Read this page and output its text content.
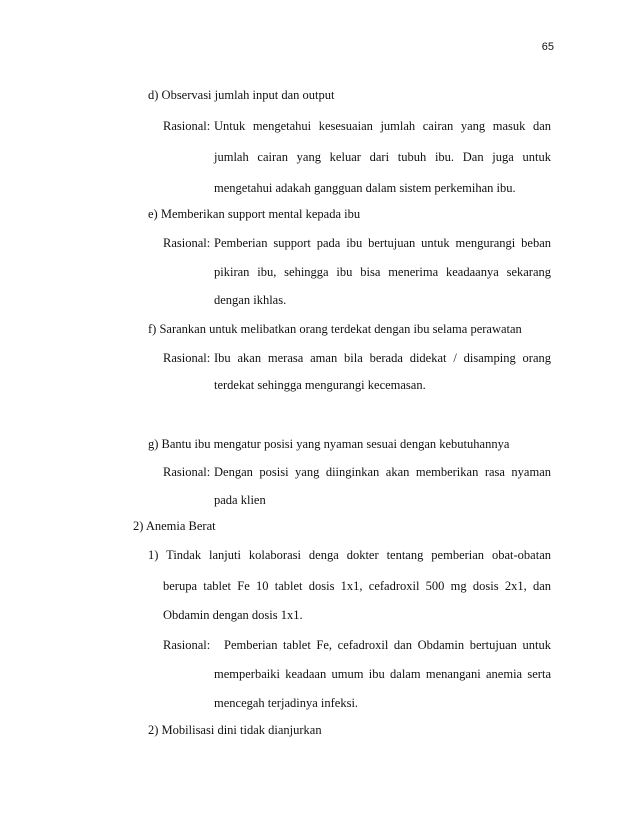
65
d) Observasi jumlah input dan output
Rasional: Untuk mengetahui kesesuaian jumlah cairan yang masuk dan
jumlah cairan yang keluar dari tubuh ibu. Dan juga untuk
mengetahui adakah gangguan dalam sistem perkemihan ibu.
e) Memberikan support mental kepada ibu
Rasional: Pemberian support pada ibu bertujuan untuk mengurangi beban
pikiran ibu, sehingga ibu bisa menerima keadaanya sekarang
dengan ikhlas.
f) Sarankan untuk melibatkan orang terdekat dengan ibu selama perawatan
Rasional: Ibu akan merasa aman bila berada didekat / disamping orang
terdekat sehingga mengurangi kecemasan.
g) Bantu ibu mengatur posisi yang nyaman sesuai dengan kebutuhannya
Rasional: Dengan posisi yang diinginkan akan memberikan rasa nyaman
pada klien
2) Anemia Berat
1) Tindak lanjuti kolaborasi denga dokter tentang pemberian obat-obatan
berupa tablet Fe 10 tablet dosis 1x1, cefadroxil 500 mg dosis 2x1, dan
Obdamin dengan dosis 1x1.
Rasional: Pemberian tablet Fe, cefadroxil dan Obdamin bertujuan untuk
memperbaiki keadaan umum ibu dalam menangani anemia serta
mencegah terjadinya infeksi.
2) Mobilisasi dini tidak dianjurkan
